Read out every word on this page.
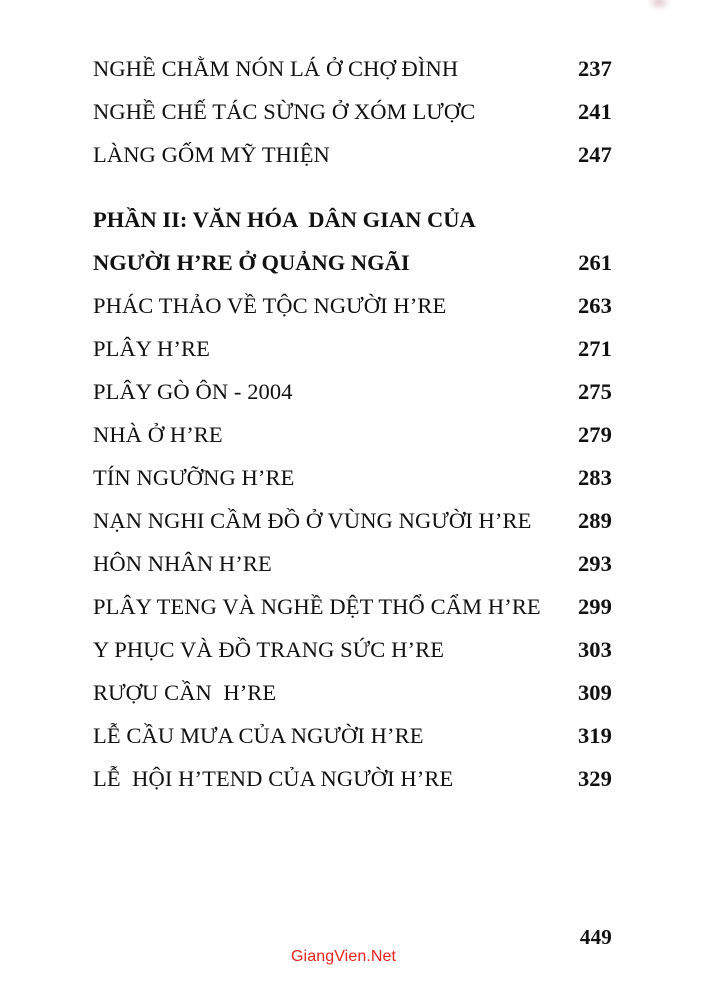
NGHỀ CHẰM NÓN LÁ Ở CHỢ ĐÌNH .....	237
NGHỀ CHẾ TÁC SỪNG Ở XÓM LƯỢC .....	241
LÀNG GỐM MỸ THIỆN .....	247
PHẦN II: VĂN HÓA  DÂN GIAN CỦA
NGƯỜI H’RE Ở QUẢNG NGÃI .....	261
PHÁC THẢO VỀ TỘC NGƯỜI H’RE .....	263
PLÂY H’RE .....	271
PLÂY GÒ ÔN - 2004 .....	275
NHÀ Ở H’RE .....	279
TÍN NGƯỠNG H’RE .....	283
NẠN NGHI CẦM ĐỒ Ở VÙNG NGƯỜI H’RE ..... 289
HÔN NHÂN H’RE .....	293
PLÂY TENG VÀ NGHỀ DỆT THỔ CẨM H’RE ..... 299
Y PHỤC VÀ ĐỒ TRANG SỨC H’RE .....	303
RƯỢU CẦN  H’RE .....	309
LỄ CẦU MƯA CỦA NGƯỜI H’RE .....	319
LỄ  HỘI H’TEND CỦA NGƯỜI H’RE .....	329
449
GiangVien.Net
